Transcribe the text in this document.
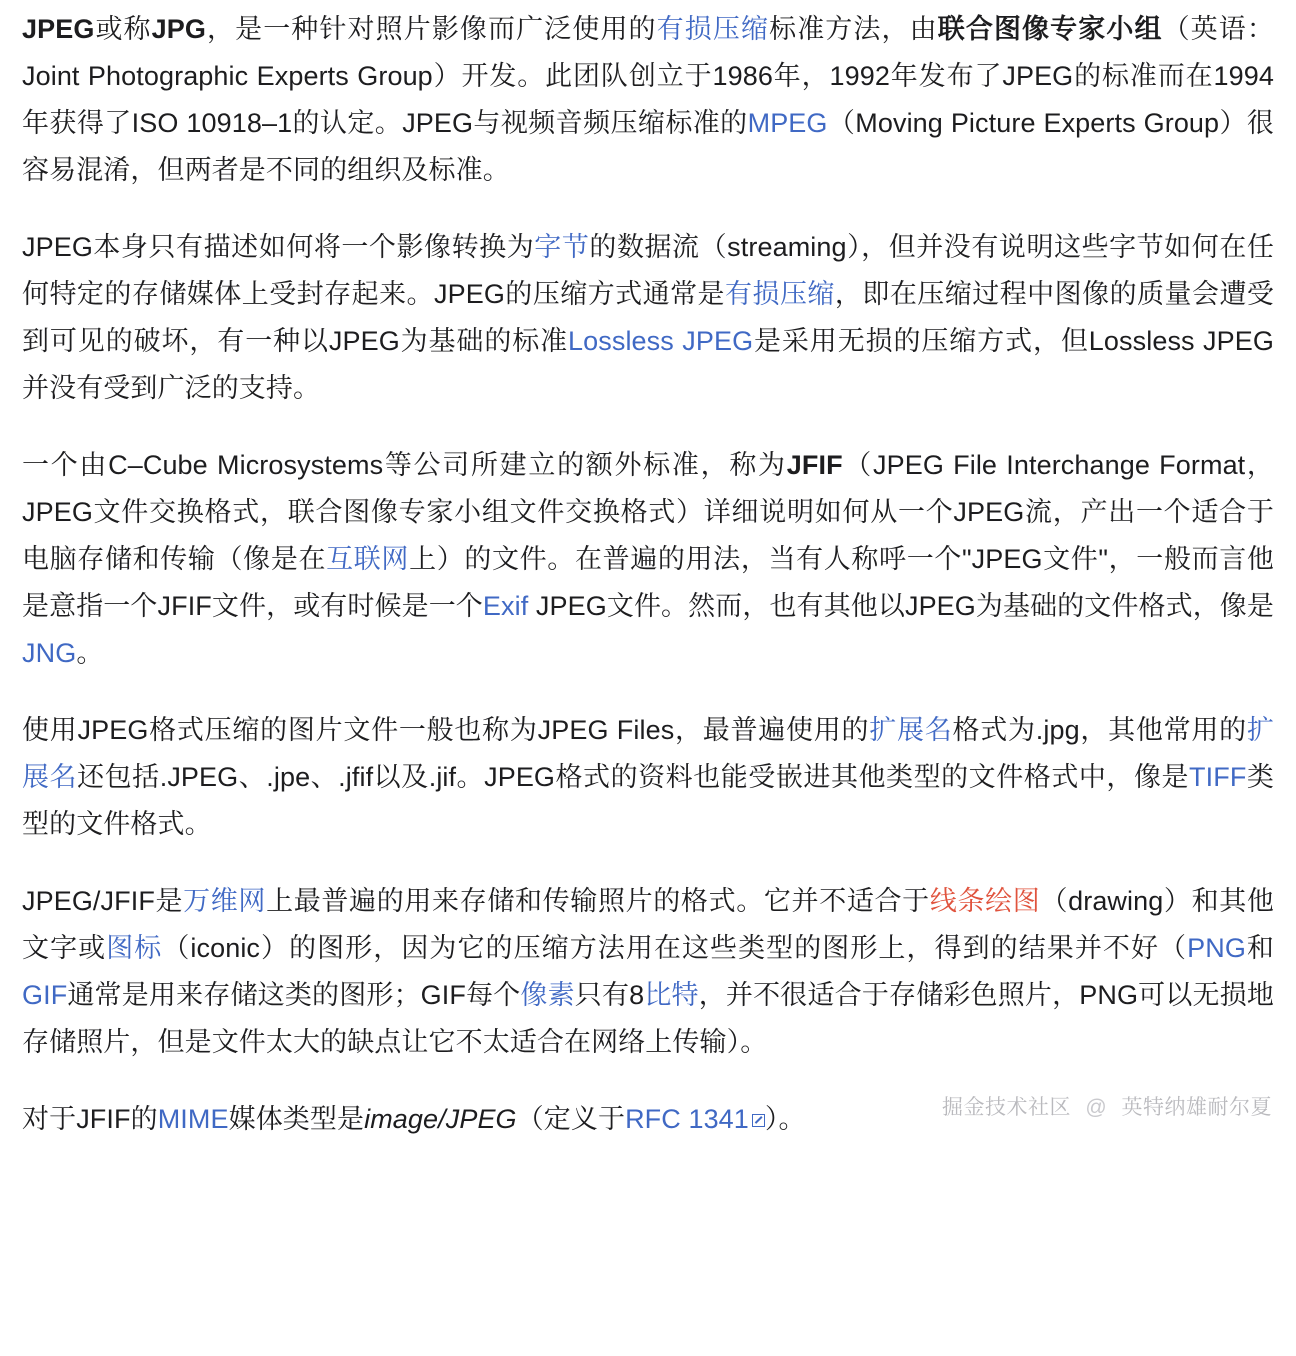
JPEG或称JPG，是一种针对照片影像而广泛使用的有损压缩标准方法，由联合图像专家小组（英语：Joint Photographic Experts Group）开发。此团队创立于1986年，1992年发布了JPEG的标准而在1994年获得了ISO 10918–1的认定。JPEG与视频音频压缩标准的MPEG（Moving Picture Experts Group）很容易混淆，但两者是不同的组织及标准。

JPEG本身只有描述如何将一个影像转换为字节的数据流（streaming），但并没有说明这些字节如何在任何特定的存储媒体上受封存起来。JPEG的压缩方式通常是有损压缩，即在压缩过程中图像的质量会遭受到可见的破坏，有一种以JPEG为基础的标准Lossless JPEG是采用无损的压缩方式，但Lossless JPEG并没有受到广泛的支持。

一个由C–Cube Microsystems等公司所建立的额外标准，称为JFIF（JPEG File Interchange Format，JPEG文件交换格式，联合图像专家小组文件交换格式）详细说明如何从一个JPEG流，产出一个适合于电脑存储和传输（像是在互联网上）的文件。在普遍的用法，当有人称呼一个"JPEG文件"，一般而言他是意指一个JFIF文件，或有时候是一个Exif JPEG文件。然而，也有其他以JPEG为基础的文件格式，像是JNG。

使用JPEG格式压缩的图片文件一般也称为JPEG Files，最普遍使用的扩展名格式为.jpg，其他常用的扩展名还包括.JPEG、.jpe、.jfif以及.jif。JPEG格式的资料也能受嵌进其他类型的文件格式中，像是TIFF类型的文件格式。

JPEG/JFIF是万维网上最普遍的用来存储和传输照片的格式。它并不适合于线条绘图（drawing）和其他文字或图标（iconic）的图形，因为它的压缩方法用在这些类型的图形上，得到的结果并不好（PNG和GIF通常是用来存储这类的图形；GIF每个像素只有8比特，并不很适合于存储彩色照片，PNG可以无损地存储照片，但是文件太大的缺点让它不太适合在网络上传输）。

对于JFIF的MIME媒体类型是image/JPEG（定义于RFC 1341 ）。	掘金技术社区 @ 英特纳雄耐尔夏
